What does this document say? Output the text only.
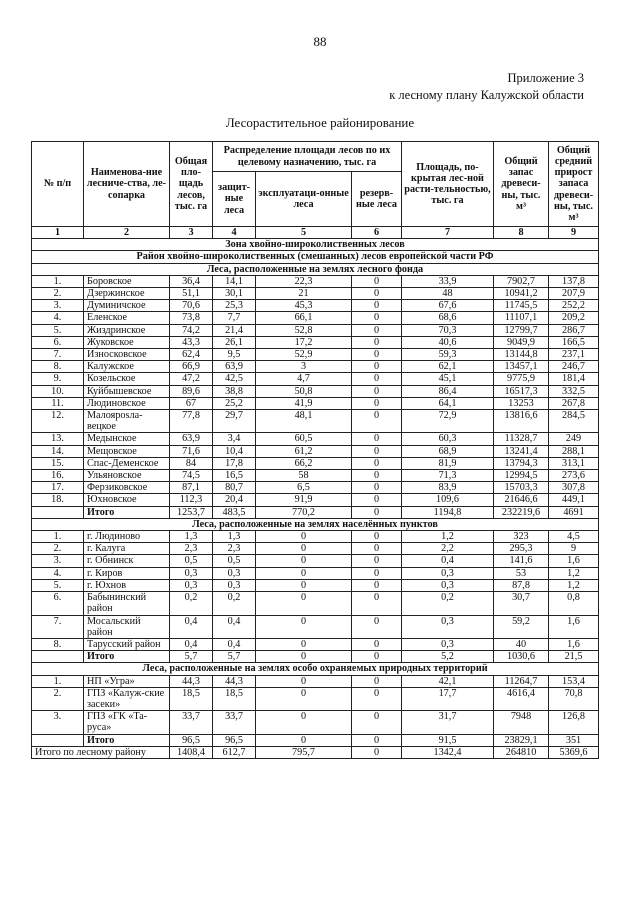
88
Приложение 3
к лесному плану Калужской области
Лесорастительное районирование
№ п/п	Наименова-ние лесниче-ства, ле-сопарка	Общая пло-щадь лесов, тыс. га	Распределение площади лесов по их целевому назначению, тыс. га			Площадь, по-крытая лес-ной расти-тельностью, тыс. га	Общий запас древеси-ны, тыс. м³	Общий средний прирост запаса древеси-ны, тыс. м³
			защит-ные леса	эксплуатаци-онные леса	резерв-ные леса			
1	2	3	4	5	6	7	8	9
Зона хвойно-широколиственных лесов								
Район хвойно-широколиственных (смешанных) лесов европейской части РФ								
Леса, расположенные на землях лесного фонда								
1.	Боровское	36,4	14,1	22,3	0	33,9	7902,7	137,8
2.	Дзержинское	51,1	30,1	21	0	48	10941,2	207,9
3.	Думиничское	70,6	25,3	45,3	0	67,6	11745,5	252,2
4.	Еленское	73,8	7,7	66,1	0	68,6	11107,1	209,2
5.	Жиздринское	74,2	21,4	52,8	0	70,3	12799,7	286,7
6.	Жуковское	43,3	26,1	17,2	0	40,6	9049,9	166,5
7.	Износковское	62,4	9,5	52,9	0	59,3	13144,8	237,1
8.	Калужское	66,9	63,9	3	0	62,1	13457,1	246,7
9.	Козельское	47,2	42,5	4,7	0	45,1	9775,9	181,4
10.	Куйбышевское	89,6	38,8	50,8	0	86,4	16517,3	332,5
11.	Людиновское	67	25,2	41,9	0	64,1	13253	267,8
12.	Малоярosла-вецкое	77,8	29,7	48,1	0	72,9	13816,6	284,5
13.	Медынское	63,9	3,4	60,5	0	60,3	11328,7	249
14.	Мещовское	71,6	10,4	61,2	0	68,9	13241,4	288,1
15.	Спас-Деменское	84	17,8	66,2	0	81,9	13794,3	313,1
16.	Ульяновское	74,5	16,5	58	0	71,3	12994,5	273,6
17.	Ферзиковское	87,1	80,7	6,5	0	83,9	15703,3	307,8
18.	Юхновское	112,3	20,4	91,9	0	109,6	21646,6	449,1
	Итого	1253,7	483,5	770,2	0	1194,8	232219,6	4691
Леса, расположенные на землях населённых пунктов								
1.	г. Людиново	1,3	1,3	0	0	1,2	323	4,5
2.	г. Калуга	2,3	2,3	0	0	2,2	295,3	9
3.	г. Обнинск	0,5	0,5	0	0	0,4	141,6	1,6
4.	г. Киров	0,3	0,3	0	0	0,3	53	1,2
5.	г. Юхнов	0,3	0,3	0	0	0,3	87,8	1,2
6.	Бабынинский район	0,2	0,2	0	0	0,2	30,7	0,8
7.	Мосальский район	0,4	0,4	0	0	0,3	59,2	1,6
8.	Тарусский район	0,4	0,4	0	0	0,3	40	1,6
	Итого	5,7	5,7	0	0	5,2	1030,6	21,5
Леса, расположенные на землях особо охраняемых природных территорий								
1.	НП «Угра»	44,3	44,3	0	0	42,1	11264,7	153,4
2.	ГПЗ «Калуж-ские засеки»	18,5	18,5	0	0	17,7	4616,4	70,8
3.	ГПЗ «ГК «Та-руса»	33,7	33,7	0	0	31,7	7948	126,8
	Итого	96,5	96,5	0	0	91,5	23829,1	351
Итого по лесному району		1408,4	612,7	795,7	0	1342,4	264810	5369,6
